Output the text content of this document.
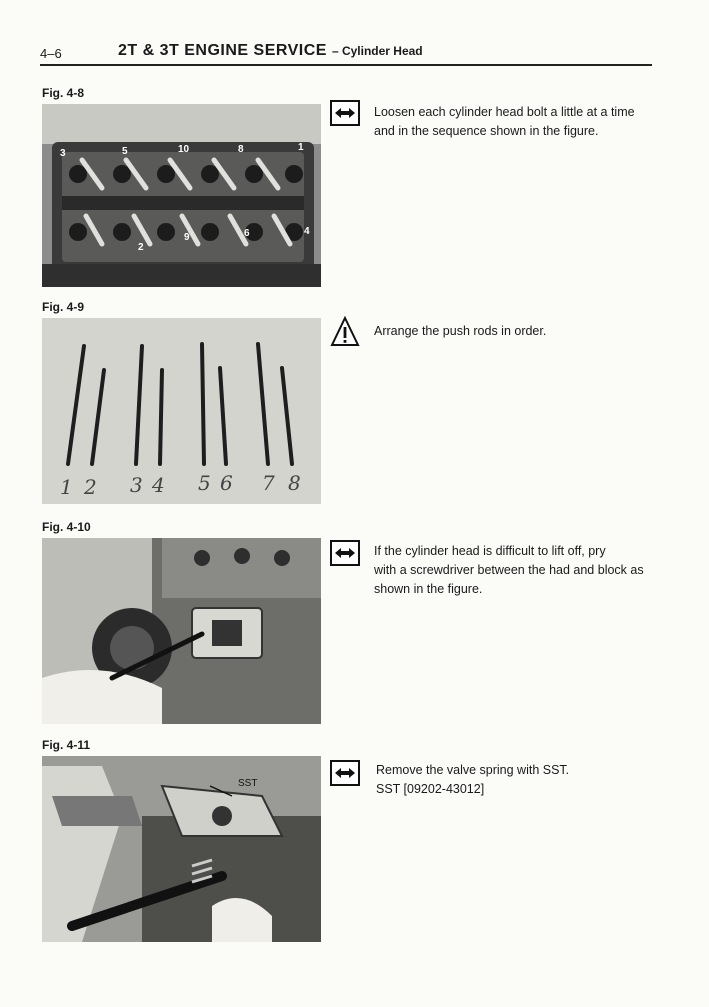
4–6	2T & 3T ENGINE SERVICE – Cylinder Head
Fig. 4-8
3	5	10	8	1
2
9	6	4
Loosen each cylinder head bolt a little at a time
and in the sequence shown in the figure.
Fig. 4-9
1 2 3 4 5 6 7 8
Arrange the push rods in order.
Fig. 4-10
If the cylinder head is difficult to lift off, pry
with a screwdriver between the had and block as
shown in the figure.
Fig. 4-11
SST
Remove the valve spring with SST.
SST [09202-43012]
